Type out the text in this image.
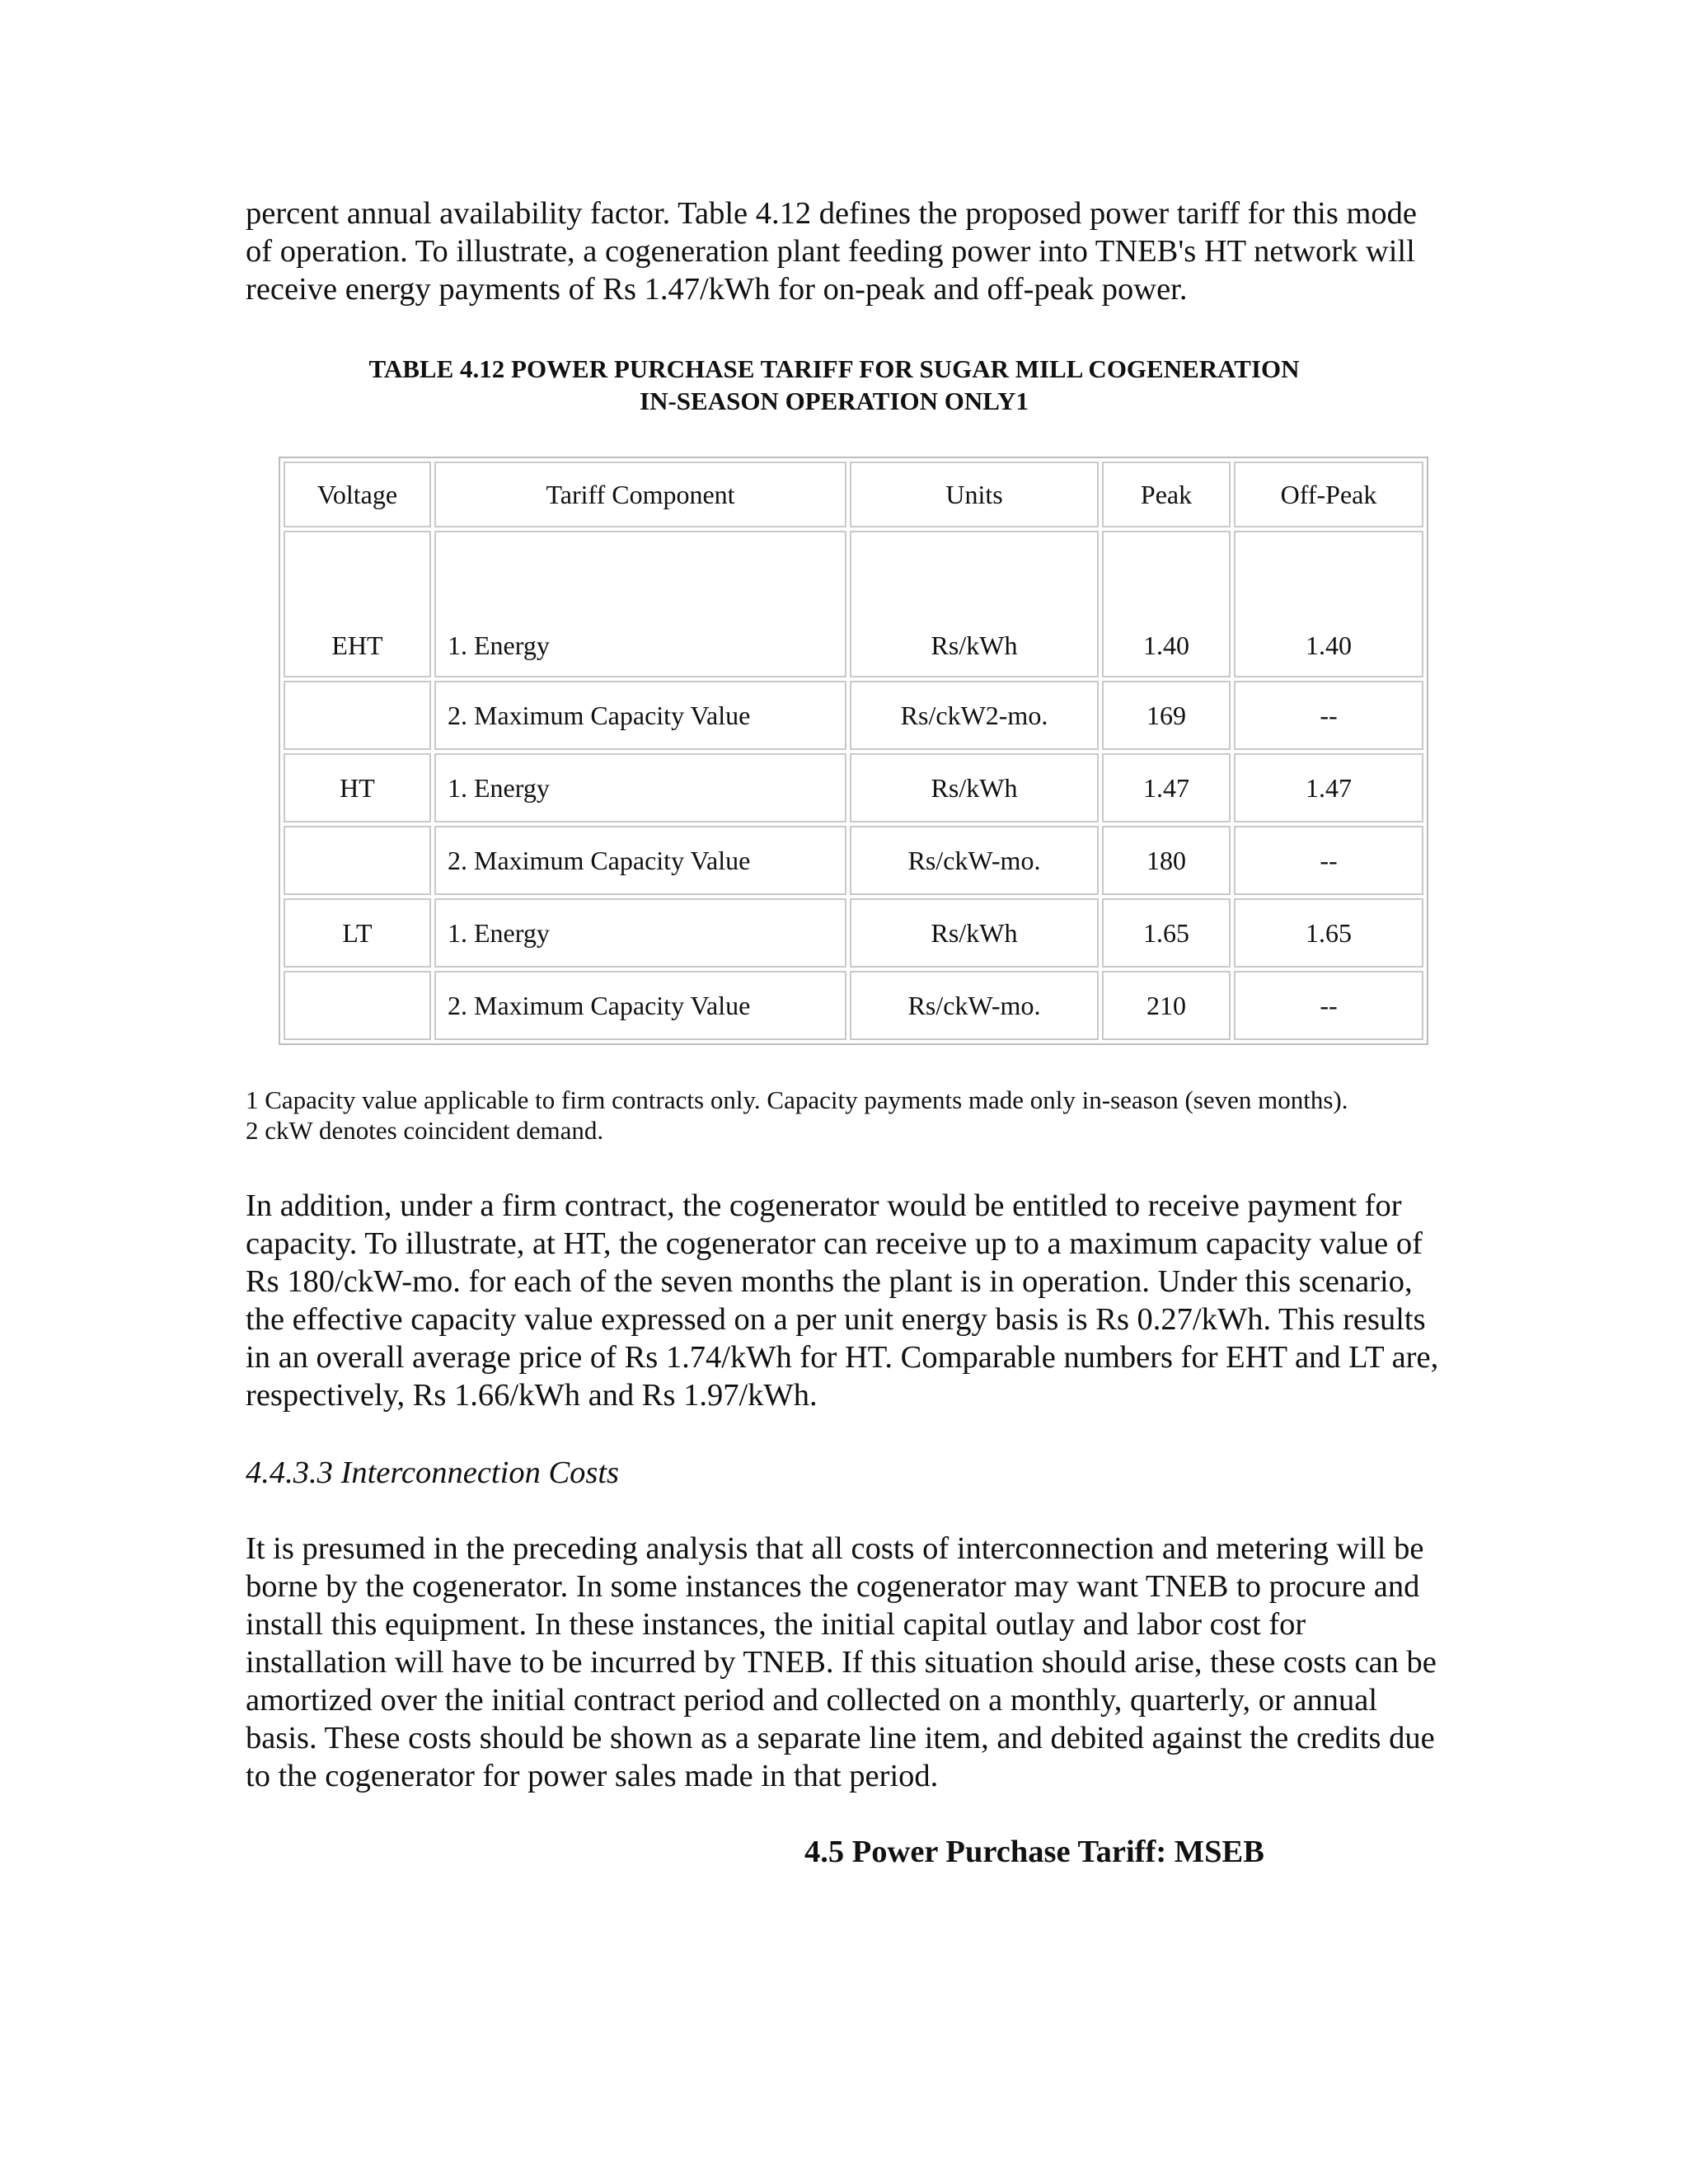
percent annual availability factor. Table 4.12 defines the proposed power tariff for this mode of operation. To illustrate, a cogeneration plant feeding power into TNEB's HT network will receive energy payments of Rs 1.47/kWh for on-peak and off-peak power.

TABLE 4.12 POWER PURCHASE TARIFF FOR SUGAR MILL COGENERATION
IN-SEASON OPERATION ONLY1
Voltage	Tariff Component	Units	Peak	Off-Peak
EHT	1. Energy	Rs/kWh	1.40	1.40
	2. Maximum Capacity Value	Rs/ckW2-mo.	169	--
HT	1. Energy	Rs/kWh	1.47	1.47
	2. Maximum Capacity Value	Rs/ckW-mo.	180	--
LT	1. Energy	Rs/kWh	1.65	1.65
	2. Maximum Capacity Value	Rs/ckW-mo.	210	--

1 Capacity value applicable to firm contracts only. Capacity payments made only in-season (seven months).

2 ckW denotes coincident demand.

In addition, under a firm contract, the cogenerator would be entitled to receive payment for capacity. To illustrate, at HT, the cogenerator can receive up to a maximum capacity value of Rs 180/ckW-mo. for each of the seven months the plant is in operation. Under this scenario, the effective capacity value expressed on a per unit energy basis is Rs 0.27/kWh. This results in an overall average price of Rs 1.74/kWh for HT. Comparable numbers for EHT and LT are, respectively, Rs 1.66/kWh and Rs 1.97/kWh.

4.4.3.3 Interconnection Costs

It is presumed in the preceding analysis that all costs of interconnection and metering will be borne by the cogenerator. In some instances the cogenerator may want TNEB to procure and install this equipment. In these instances, the initial capital outlay and labor cost for installation will have to be incurred by TNEB. If this situation should arise, these costs can be amortized over the initial contract period and collected on a monthly, quarterly, or annual basis. These costs should be shown as a separate line item, and debited against the credits due to the cogenerator for power sales made in that period.

4.5 Power Purchase Tariff: MSEB
